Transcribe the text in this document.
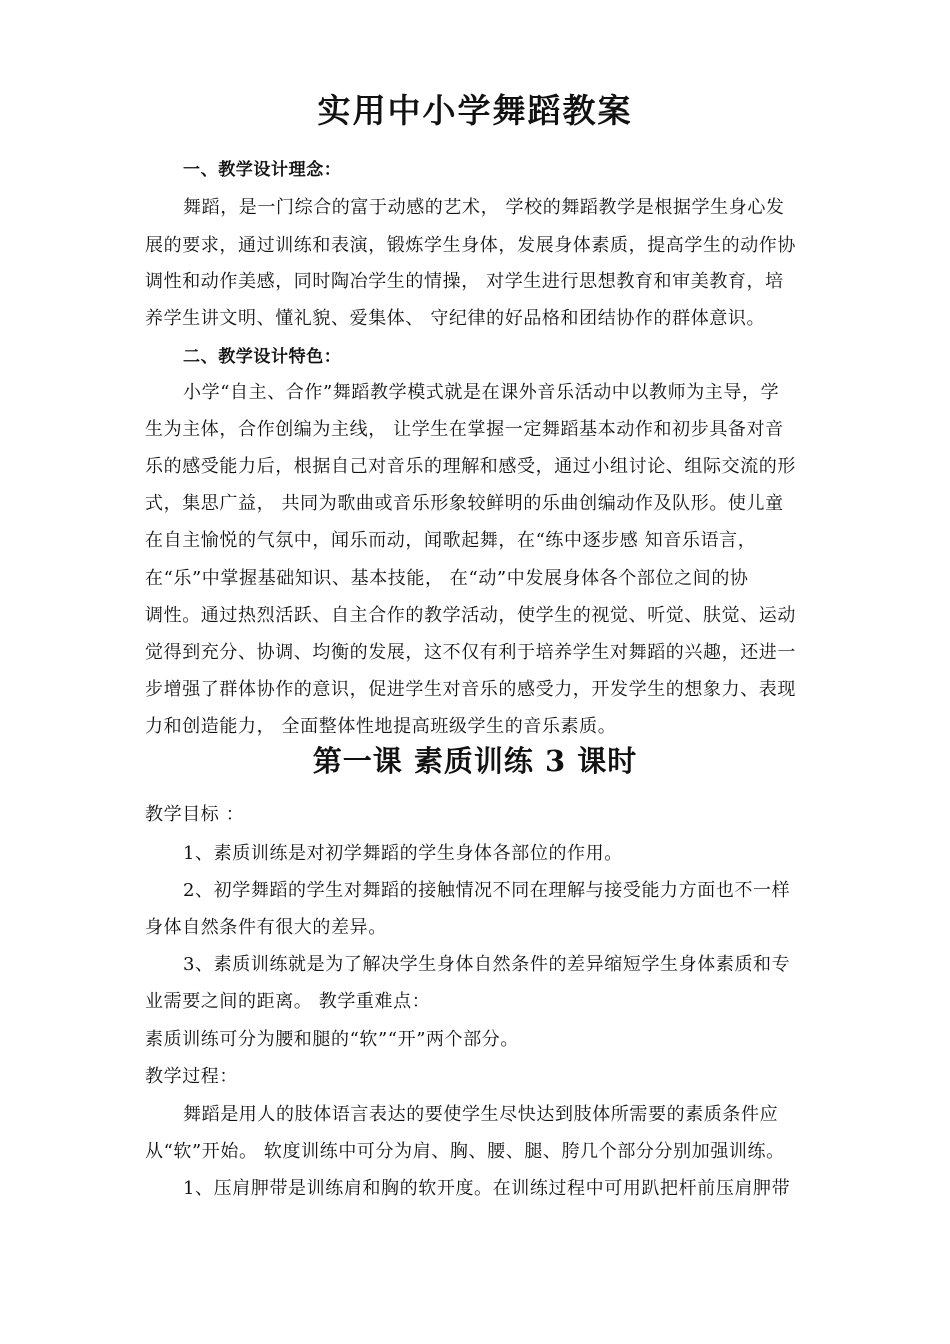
实用中小学舞蹈教案
一、教学设计理念：
舞蹈，是一门综合的富于动感的艺术， 学校的舞蹈教学是根据学生身心发
展的要求，通过训练和表演，锻炼学生身体，发展身体素质，提高学生的动作协
调性和动作美感，同时陶冶学生的情操， 对学生进行思想教育和审美教育，培
养学生讲文明、懂礼貌、爱集体、 守纪律的好品格和团结协作的群体意识。
二、教学设计特色：
小学“自主、合作”舞蹈教学模式就是在课外音乐活动中以教师为主导，学
生为主体，合作创编为主线， 让学生在掌握一定舞蹈基本动作和初步具备对音
乐的感受能力后，根据自己对音乐的理解和感受，通过小组讨论、组际交流的形
式，集思广益， 共同为歌曲或音乐形象较鲜明的乐曲创编动作及队形。使儿童
在自主愉悦的气氛中，闻乐而动，闻歌起舞，在“练中逐步感 知音乐语言，
在“乐”中掌握基础知识、基本技能， 在“动”中发展身体各个部位之间的协
调性。通过热烈活跃、自主合作的教学活动，使学生的视觉、听觉、肤觉、运动
觉得到充分、协调、均衡的发展，这不仅有利于培养学生对舞蹈的兴趣，还进一
步增强了群体协作的意识，促进学生对音乐的感受力，开发学生的想象力、表现
力和创造能力， 全面整体性地提高班级学生的音乐素质。
第一课 素质训练 3 课时
教学目标 ：
1、素质训练是对初学舞蹈的学生身体各部位的作用。
2、初学舞蹈的学生对舞蹈的接触情况不同在理解与接受能力方面也不一样
身体自然条件有很大的差异。
3、素质训练就是为了解决学生身体自然条件的差异缩短学生身体素质和专
业需要之间的距离。 教学重难点：
素质训练可分为腰和腿的“软”“开”两个部分。
教学过程：
舞蹈是用人的肢体语言表达的要使学生尽快达到肢体所需要的素质条件应
从“软”开始。 软度训练中可分为肩、胸、腰、腿、胯几个部分分别加强训练。
1、压肩胛带是训练肩和胸的软开度。在训练过程中可用趴把杆前压肩胛带
